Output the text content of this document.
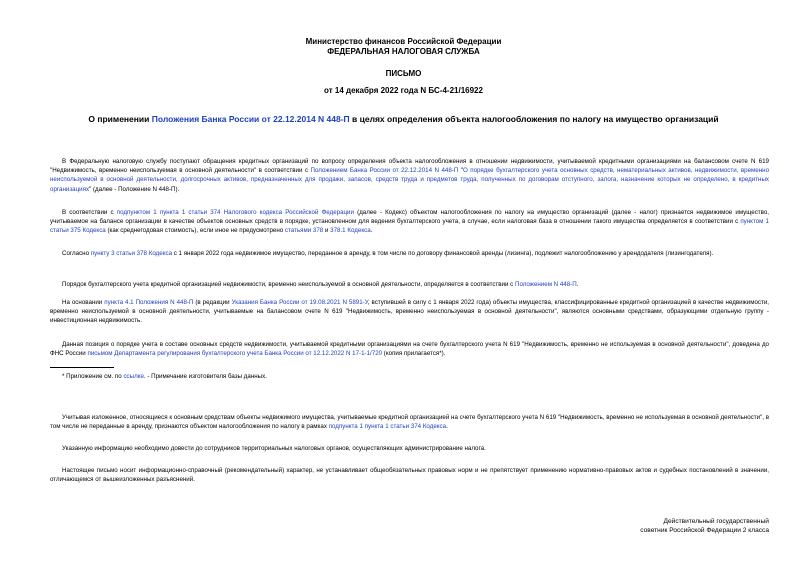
Министерство финансов Российской Федерации
ФЕДЕРАЛЬНАЯ НАЛОГОВАЯ СЛУЖБА
ПИСЬМО
от 14 декабря 2022 года N БС-4-21/16922
О применении Положения Банка России от 22.12.2014 N 448-П в целях определения объекта налогообложения по налогу на имущество организаций

В Федеральную налоговую службу поступают обращения кредитных организаций по вопросу определения объекта налогообложения в отношении недвижимости, учитываемой кредитными организациями на балансовом счете N 619 "Недвижимость, временно неиспользуемая в основной деятельности" в соответствии с Положением Банка России от 22.12.2014 N 448-П "О порядке бухгалтерского учета основных средств, нематериальных активов, недвижимости, временно неиспользуемой в основной деятельности, долгосрочных активов, предназначенных для продажи, запасов, средств труда и предметов труда, полученных по договорам отступного, залога, назначение которых не определено, в кредитных организациях" (далее - Положение N 448-П).

В соответствии с подпунктом 1 пункта 1 статьи 374 Налогового кодекса Российской Федерации (далее - Кодекс) объектом налогообложения по налогу на имущество организаций (далее - налог) признается недвижимое имущество, учитываемое на балансе организации в качестве объектов основных средств в порядке, установленном для ведения бухгалтерского учета, в случае, если налоговая база в отношении такого имущества определяется в соответствии с пунктом 1 статьи 375 Кодекса (как среднегодовая стоимость), если иное не предусмотрено статьями 378 и 378.1 Кодекса.

Согласно пункту 3 статьи 378 Кодекса с 1 января 2022 года недвижимое имущество, переданное в аренду, в том числе по договору финансовой аренды (лизинга), подлежит налогообложению у арендодателя (лизингодателя).

Порядок бухгалтерского учета кредитной организацией недвижимости, временно неиспользуемой в основной деятельности, определяется в соответствии с Положением N 448-П.

На основании пункта 4.1 Положения N 448-П (в редакции Указания Банка России от 19.08.2021 N 5891-У, вступившей в силу с 1 января 2022 года) объекты имущества, классифицированные кредитной организацией в качестве недвижимости, временно неиспользуемой в основной деятельности, учитываемые на балансовом счете N 619 "Недвижимость, временно неиспользуемая в основной деятельности", являются основными средствами, образующими отдельную группу - инвестиционная недвижимость.

Данная позиция о порядке учета в составе основных средств недвижимости, учитываемой кредитными организациями на счете бухгалтерского учета N 619 "Недвижимость, временно не используемая в основной деятельности", доведена до ФНС России письмом Департамента регулирования бухгалтерского учета Банка России от 12.12.2022 N 17-1-1/720 (копия прилагается*).

* Приложение см. по ссылке. - Примечание изготовителя базы данных.

Учитывая изложенное, относящиеся к основным средствам объекты недвижимого имущества, учитываемые кредитной организацией на счете бухгалтерского учета N 619 "Недвижимость, временно не используемая в основной деятельности", в том числе не переданные в аренду, признаются объектом налогообложения по налогу в рамках подпункта 1 пункта 1 статьи 374 Кодекса.

Указанную информацию необходимо довести до сотрудников территориальных налоговых органов, осуществляющих администрирование налога.

Настоящее письмо носит информационно-справочный (рекомендательный) характер, не устанавливает общеобязательных правовых норм и не препятствует применению нормативно-правовых актов и судебных постановлений в значении, отличающемся от вышеизложенных разъяснений.

Действительный государственный
советник Российской Федерации 2 класса
